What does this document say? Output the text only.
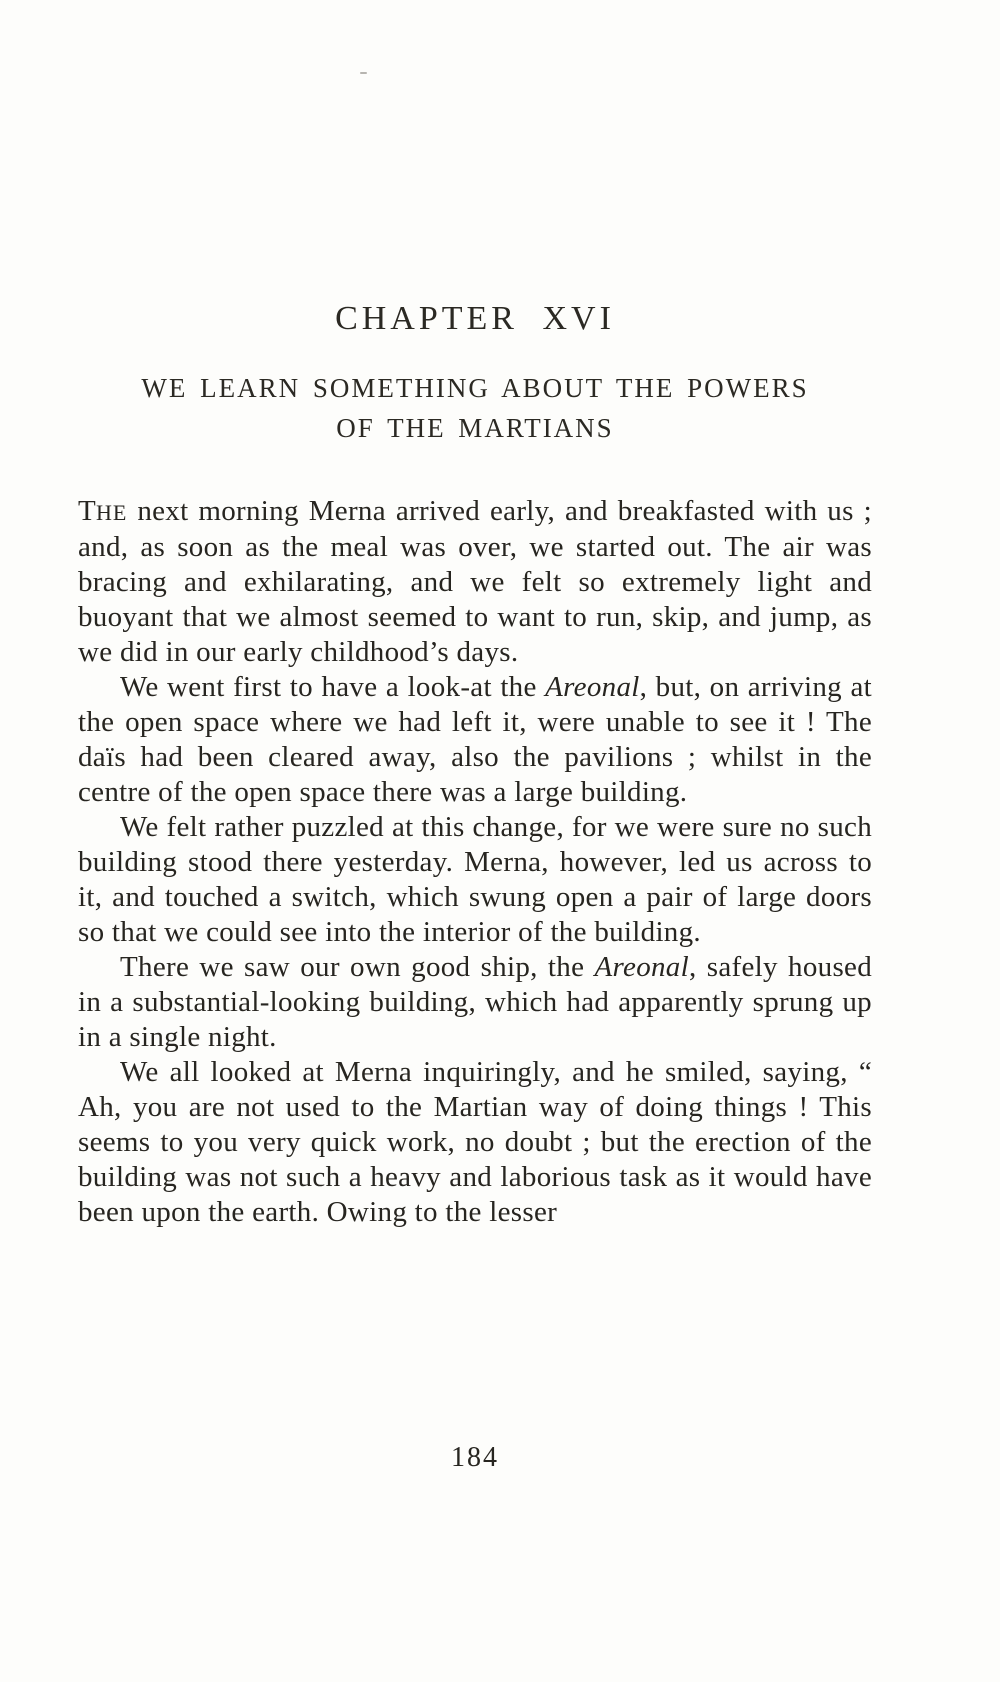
CHAPTER XVI
WE LEARN SOMETHING ABOUT THE POWERS
OF THE MARTIANS

THE next morning Merna arrived early, and breakfasted with us ; and, as soon as the meal was over, we started out. The air was bracing and exhilarating, and we felt so extremely light and buoyant that we almost seemed to want to run, skip, and jump, as we did in our early childhood’s days.

We went first to have a look-at the Areonal, but, on arriving at the open space where we had left it, were unable to see it ! The daïs had been cleared away, also the pavilions ; whilst in the centre of the open space there was a large building.

We felt rather puzzled at this change, for we were sure no such building stood there yesterday. Merna, however, led us across to it, and touched a switch, which swung open a pair of large doors so that we could see into the interior of the building.

There we saw our own good ship, the Areonal, safely housed in a substantial-looking building, which had apparently sprung up in a single night.

We all looked at Merna inquiringly, and he smiled, saying, “ Ah, you are not used to the Martian way of doing things ! This seems to you very quick work, no doubt ; but the erection of the building was not such a heavy and laborious task as it would have been upon the earth. Owing to the lesser

184
